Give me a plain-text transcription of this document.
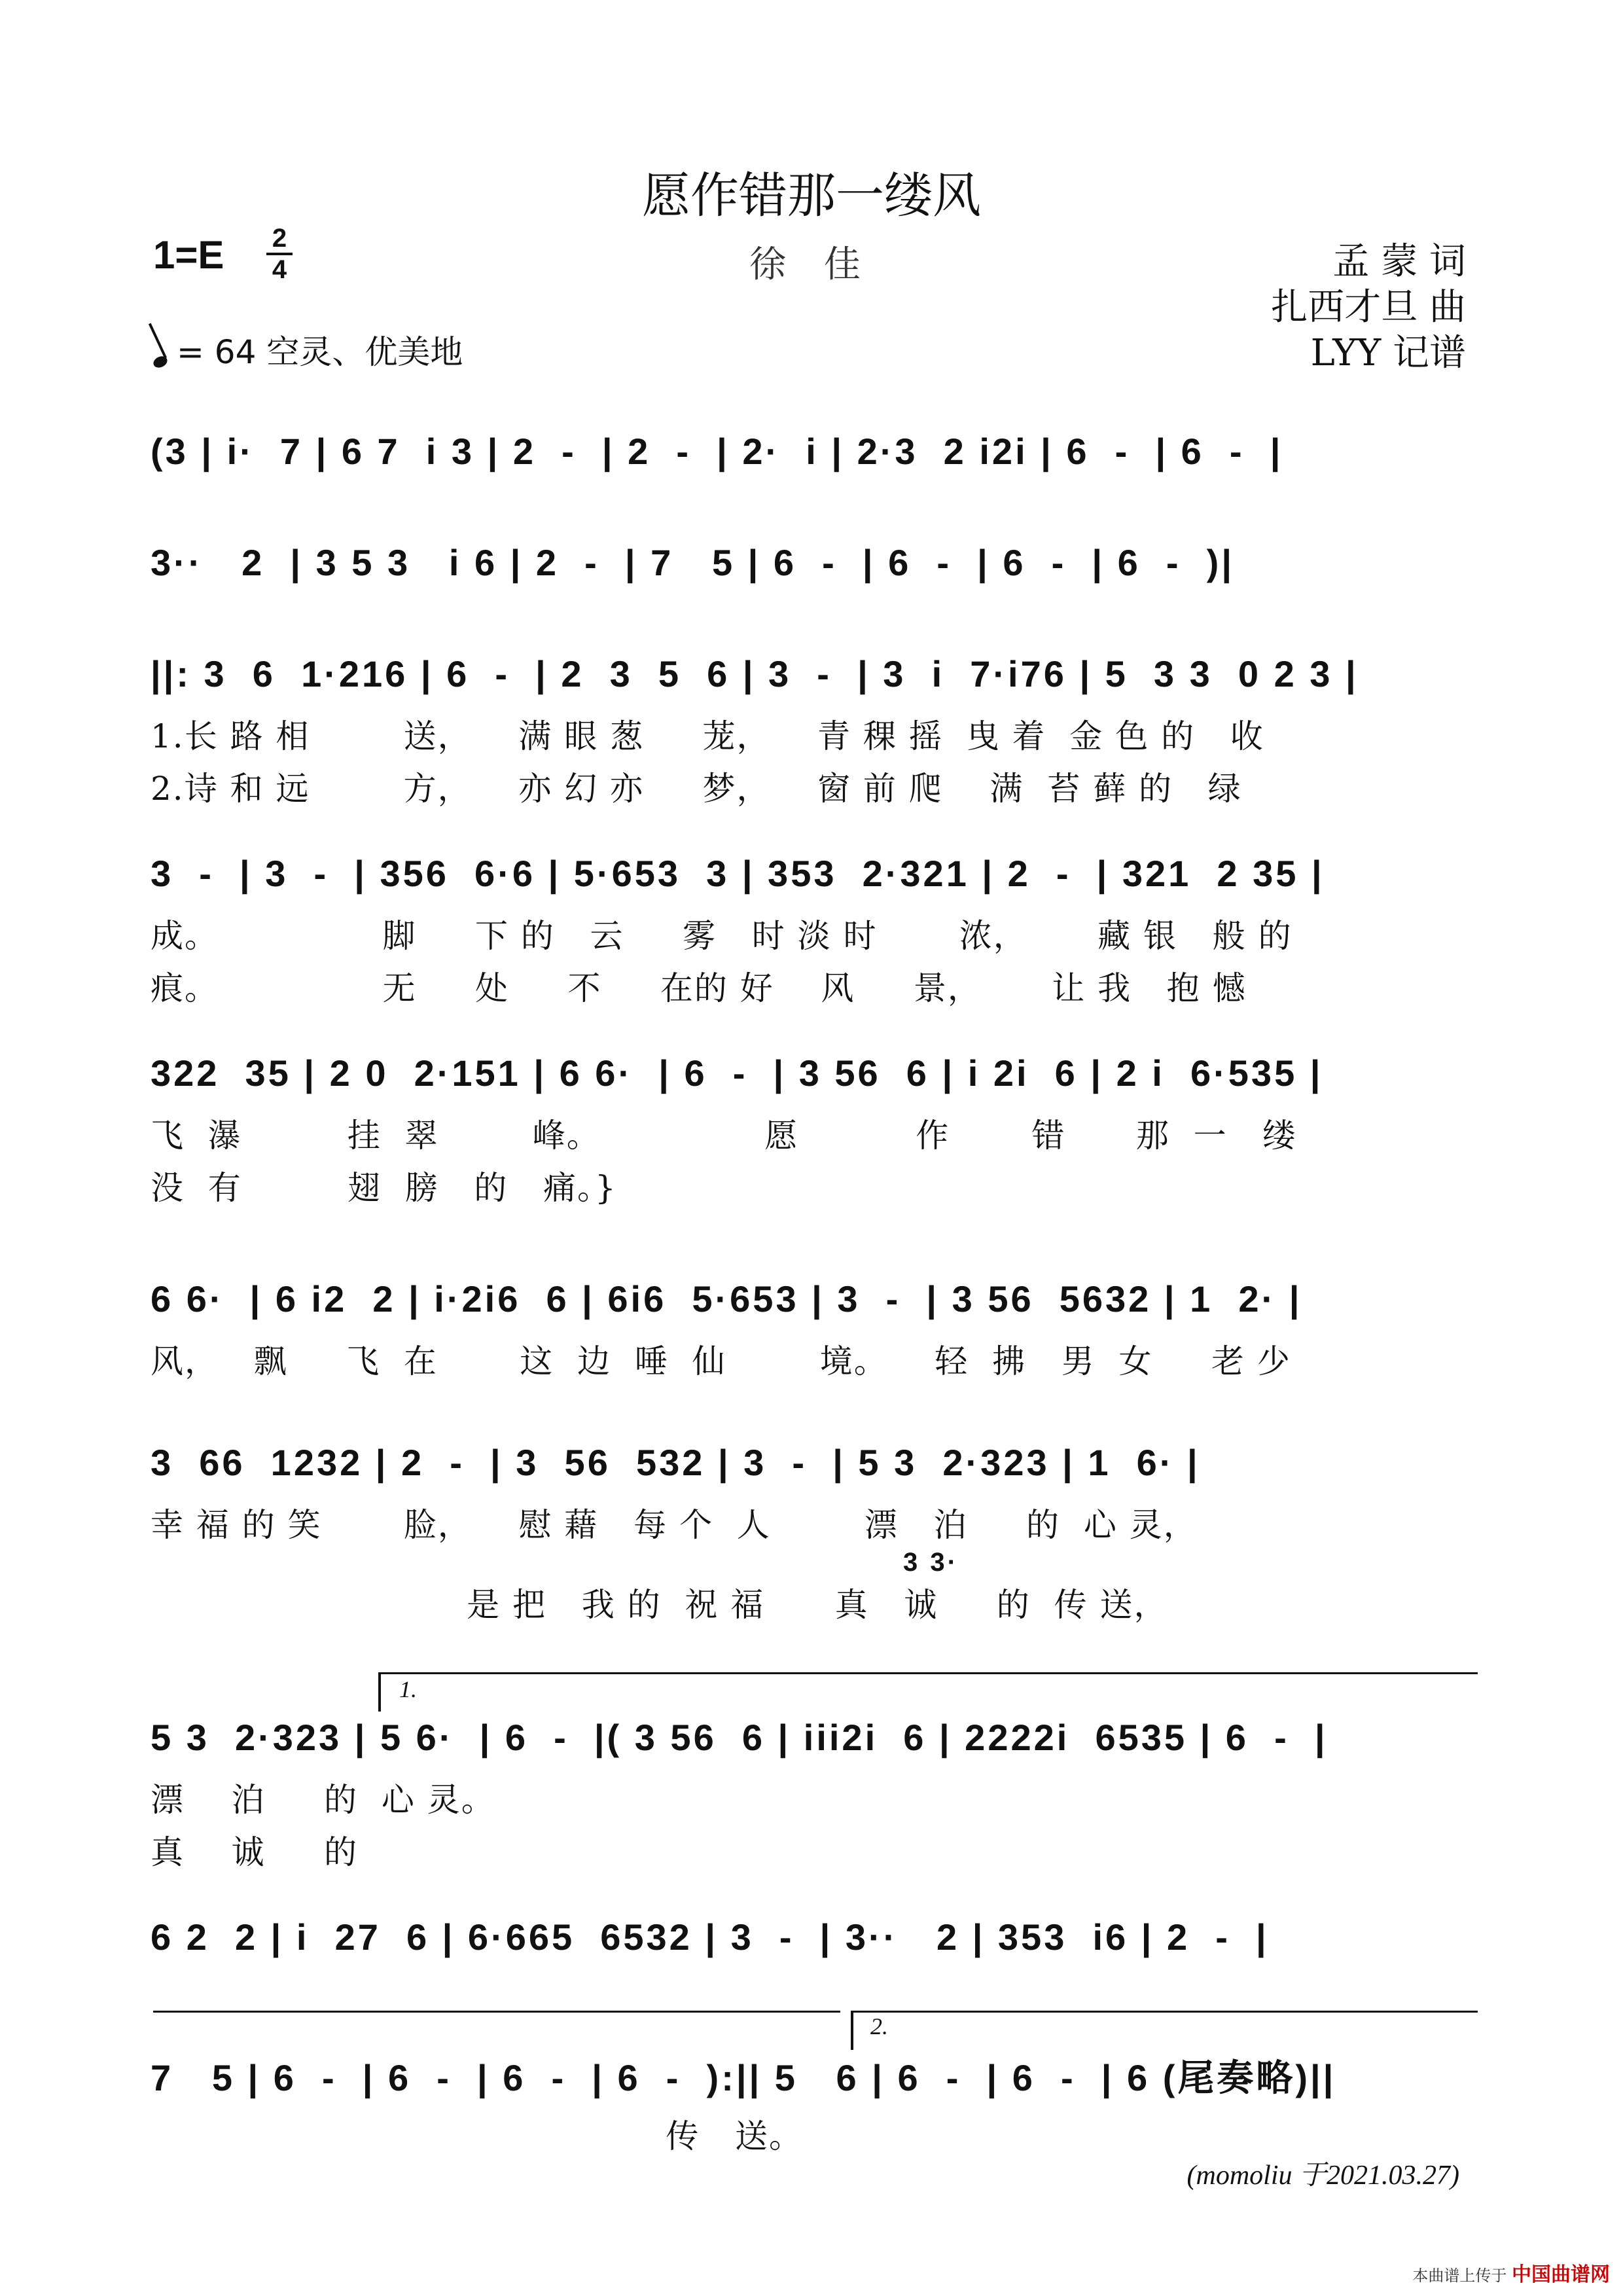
愿作错那一缕风
1=E 2
4	徐 佳	孟 蒙 词
扎西才旦 曲
LYY 记谱
= 64 空灵、优美地
(3 | i·  7 | 6 7  i 3 | 2  -  | 2  -  | 2·  i | 2·3  2 i2i | 6  -  | 6  -  |
3··   2  | 3 5 3   i 6 | 2  -  | 7   5 | 6  -  | 6  -  | 6  -  | 6  -  )|
||: 3  6  1·216 | 6  -  | 2  3  5  6 | 3  -  | 3  i  7·i76 | 5  3 3  0 2 3 |
1.长 路 相        送，    满 眼 葱     茏，    青 稞 摇  曳 着  金 色 的   收
2.诗 和 远        方，    亦 幻 亦     梦，    窗 前 爬    满  苔 藓 的   绿
3  -  | 3  -  | 356  6·6 | 5·653  3 | 353  2·321 | 2  -  | 321  2 35 |
成。              脚     下 的   云     雾   时 淡 时       浓，      藏 银   般 的
痕。              无     处     不     在的 好    风     景，      让 我   抱 憾
322  35 | 2 0  2·151 | 6 6·  | 6  -  | 3 56  6 | i 2i  6 | 2 i  6·535 |
飞  瀑         挂  翠        峰。              愿          作       错      那  一   缕
没  有         翅  膀   的   痛。}
6 6·  | 6 i2  2 | i·2i6  6 | 6i6  5·653 | 3  -  | 3 56  5632 | 1  2· |
风，   飘     飞  在       这  边  唾  仙        境。    轻  拂   男  女     老 少
3  66  1232 | 2  -  | 3  56  532 | 3  -  | 5 3  2·323 | 1  6· |
幸 福 的 笑       脸，    慰 藉   每 个  人        漂   泊     的  心 灵，
3 3·
是 把   我 的  祝 福      真   诚     的  传 送，
1.
5 3  2·323 | 5 6·  | 6  -  |( 3 56  6 | iii2i  6 | 2222i  6535 | 6  -  |
漂    泊     的  心 灵。
真    诚     的
6 2  2 | i  27  6 | 6·665  6532 | 3  -  | 3··   2 | 353  i6 | 2  -  |
2.
7   5 | 6  -  | 6  -  | 6  -  | 6  -  ):|| 5   6 | 6  -  | 6  -  | 6 (尾奏略)||
传   送。
(momoliu 于2021.03.27)
本曲谱上传于 中国曲谱网
